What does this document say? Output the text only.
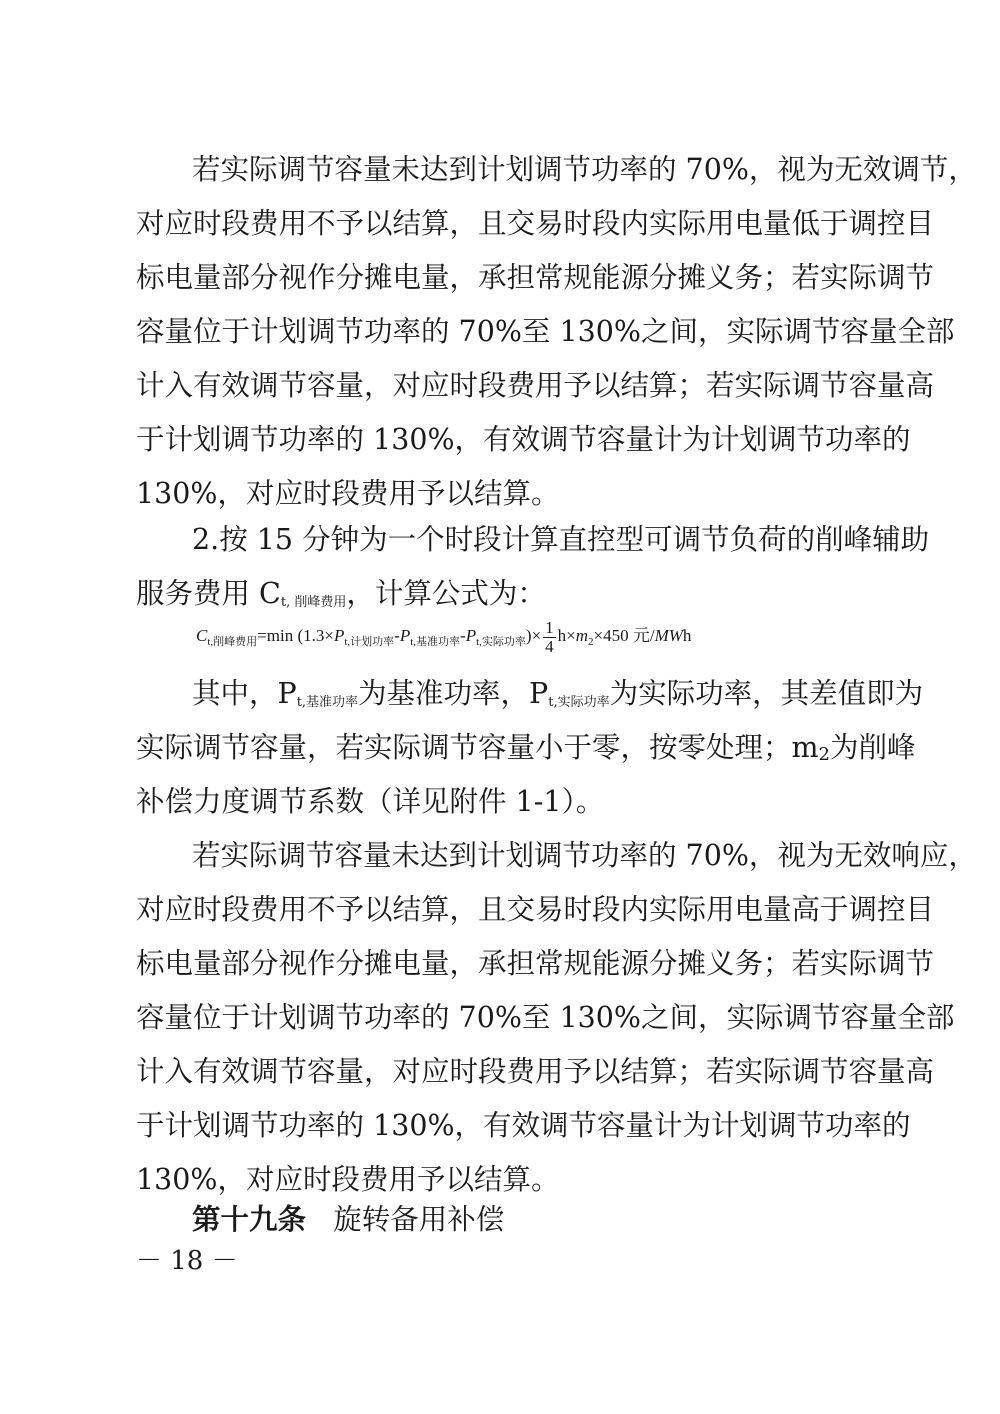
若实际调节容量未达到计划调节功率的 70%，视为无效调节，
对应时段费用不予以结算，且交易时段内实际用电量低于调控目
标电量部分视作分摊电量，承担常规能源分摊义务；若实际调节
容量位于计划调节功率的 70%至 130%之间，实际调节容量全部
计入有效调节容量，对应时段费用予以结算；若实际调节容量高
于计划调节功率的 130%，有效调节容量计为计划调节功率的
130%，对应时段费用予以结算。
2.按 15 分钟为一个时段计算直控型可调节负荷的削峰辅助
服务费用 $C_{t, 削峰费用}$，计算公式为：
$C_{t,削峰费用}=\min$ $(1.3\times P_{t,计划功率}-P_{t,基准功率}-P_{t,实际功率})\times \frac{1}{4} h\times m_2\times 450$ 元/MWh
其中，$P_{t,基准功率}$为基准功率，$P_{t,实际功率}$为实际功率，其差值即为
实际调节容量，若实际调节容量小于零，按零处理；m2为削峰
补偿力度调节系数（详见附件 1-1）。
若实际调节容量未达到计划调节功率的 70%，视为无效响应，
对应时段费用不予以结算，且交易时段内实际用电量高于调控目
标电量部分视作分摊电量，承担常规能源分摊义务；若实际调节
容量位于计划调节功率的 70%至 130%之间，实际调节容量全部
计入有效调节容量，对应时段费用予以结算；若实际调节容量高
于计划调节功率的 130%，有效调节容量计为计划调节功率的
130%，对应时段费用予以结算。
第十九条 旋转备用补偿
－ 18 －
